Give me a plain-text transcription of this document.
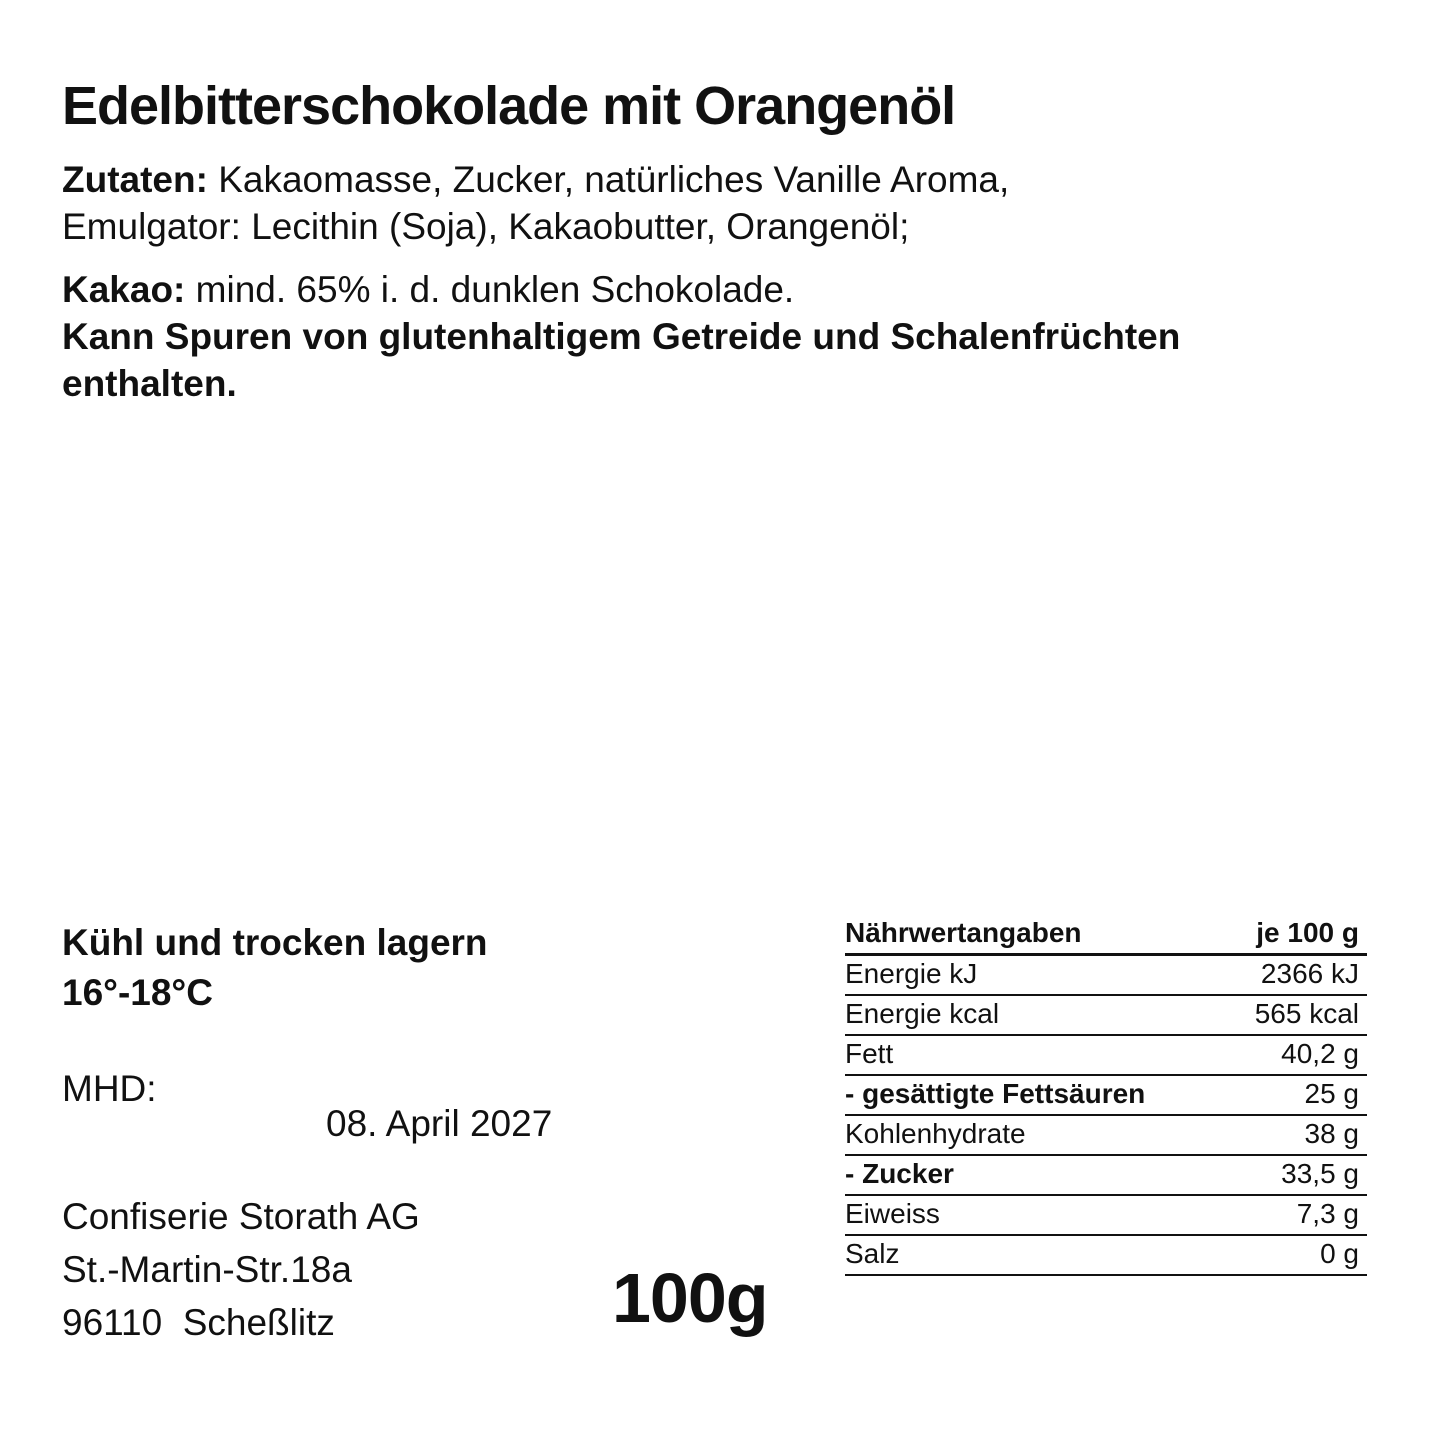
Edelbitterschokolade mit Orangenöl
Zutaten: Kakaomasse, Zucker, natürliches Vanille Aroma,
Emulgator: Lecithin (Soja), Kakaobutter, Orangenöl;
Kakao: mind. 65% i. d. dunklen Schokolade.
Kann Spuren von glutenhaltigem Getreide und Schalenfrüchten
enthalten.
Kühl und trocken lagern
16°-18°C
MHD:
08. April 2027
Confiserie Storath AG
St.-Martin-Str.18a
96110  Scheßlitz	100g
Nährwertangaben	je 100 g
Energie kJ	2366 kJ
Energie kcal	565 kcal
Fett	40,2 g
- gesättigte Fettsäuren	25 g
Kohlenhydrate	38 g
- Zucker	33,5 g
Eiweiss	7,3 g
Salz	0 g
